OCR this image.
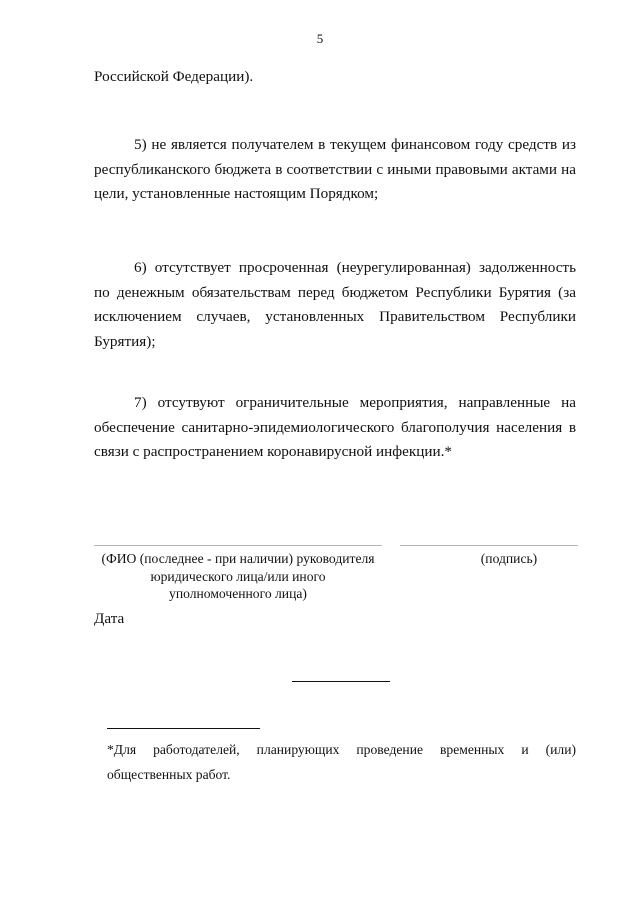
5

Российской Федерации).

5) не является получателем в текущем финансовом году средств из республиканского бюджета в соответствии с иными правовыми актами на цели, установленные настоящим Порядком;

6) отсутствует просроченная (неурегулированная) задолженность по денежным обязательствам перед бюджетом Республики Бурятия (за исключением случаев, установленных Правительством Республики Бурятия);

7) отсутвуют ограничительные мероприятия, направленные на обеспечение санитарно-эпидемиологического благополучия населения в связи с распространением коронавирусной инфекции.*

(ФИО (последнее - при наличии) руководителя
юридического лица/или иного
уполномоченного лица)
(подпись)
Дата

*Для работодателей, планирующих проведение временных и (или) общественных работ.
